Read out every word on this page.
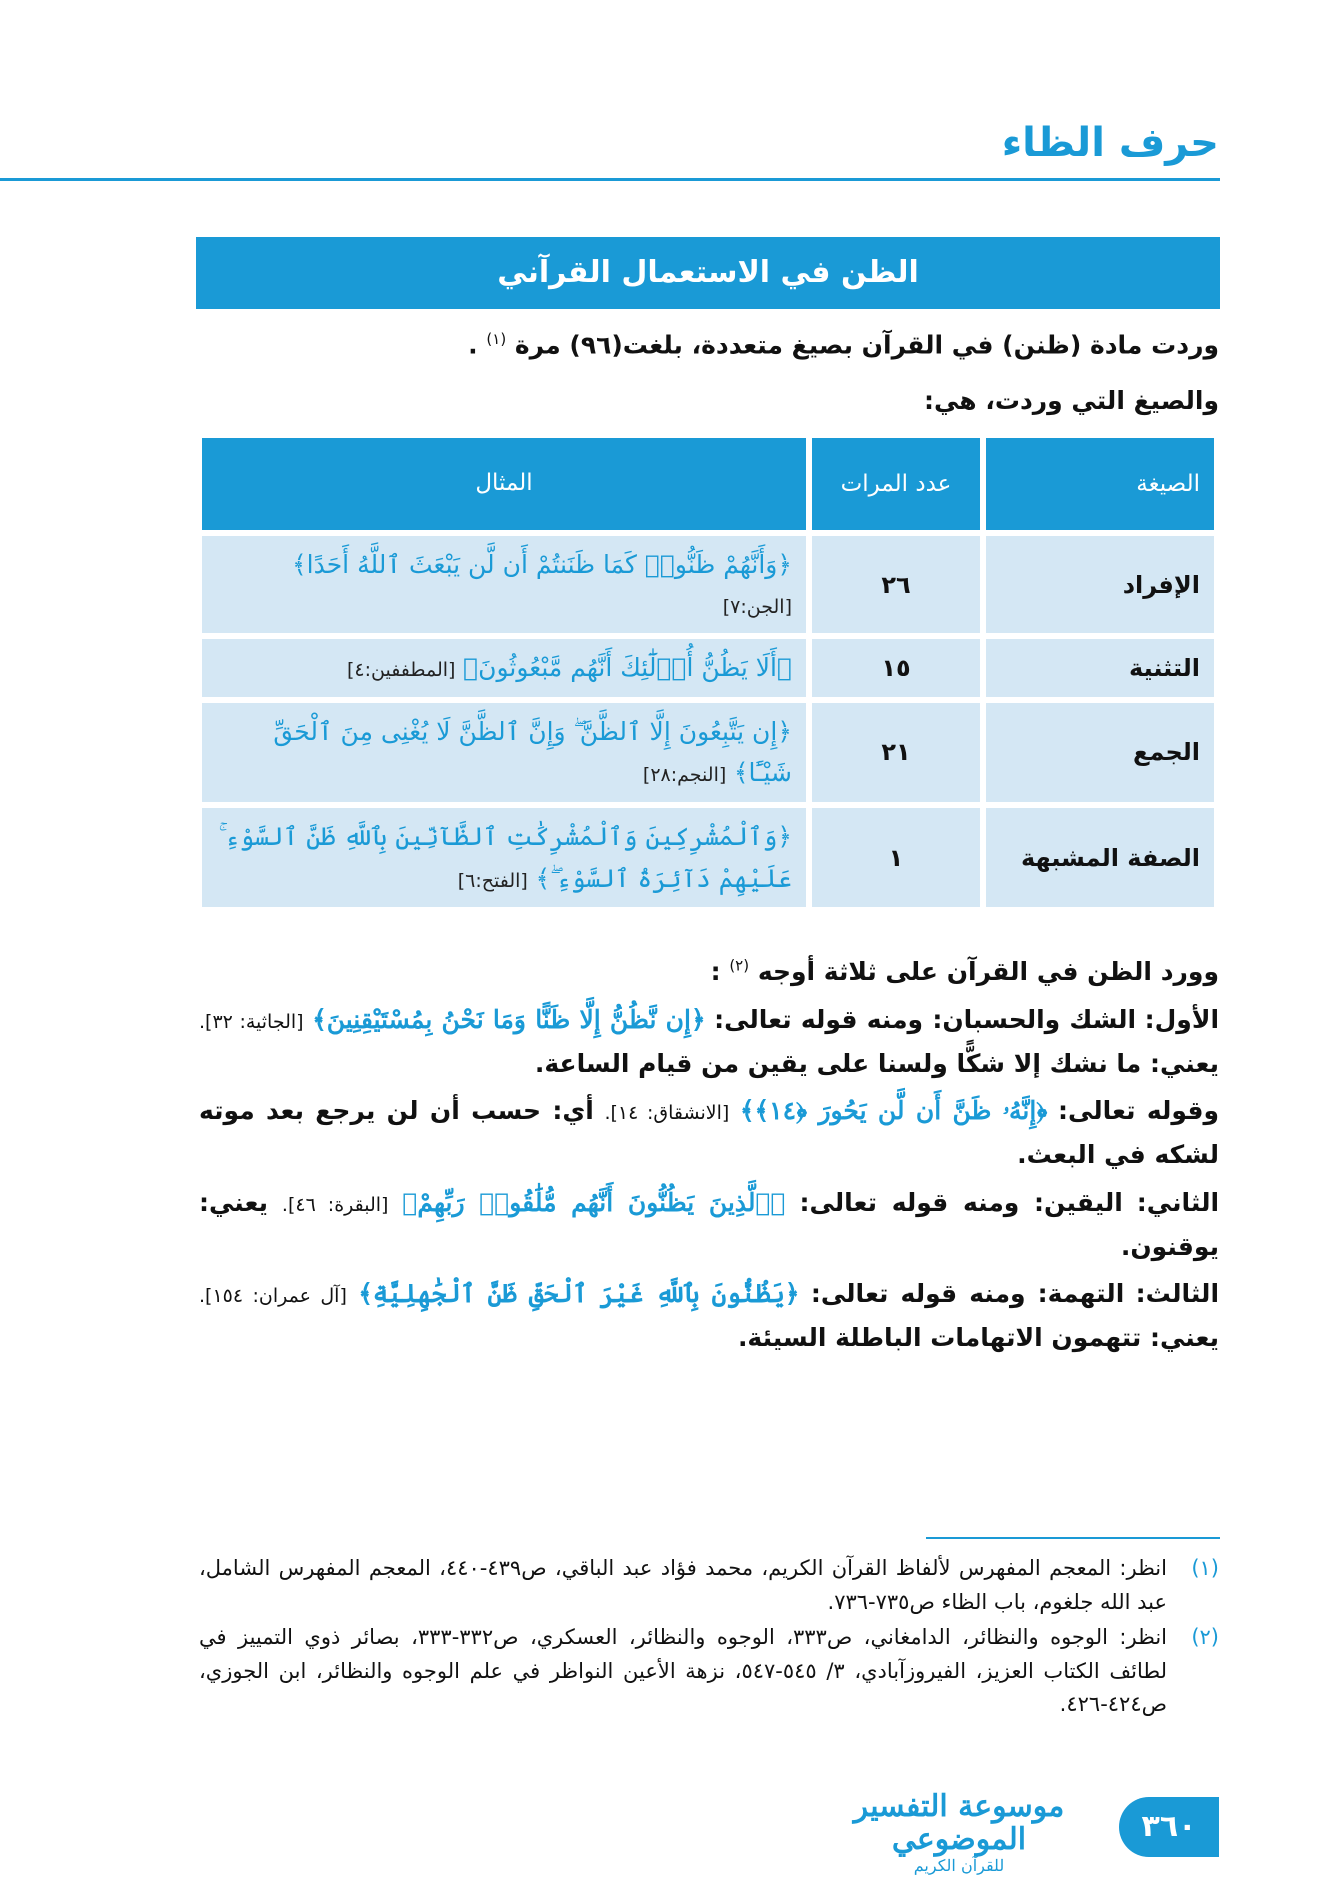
حرف الظاء
الظن في الاستعمال القرآني
وردت مادة (ظنن) في القرآن بصيغ متعددة، بلغت(٩٦) مرة $^{(١)}$ .
والصيغ التي وردت، هي:
الصيغة	عدد المرات	المثال
الإفراد	٢٦	﴿وَأَنَّهُمْ ظَنُّوا۟ كَمَا ظَنَنتُمْ أَن لَّن يَبْعَثَ ٱللَّهُ أَحَدًا﴾ [الجن:٧]
التثنية	١٥	﴿أَلَا يَظُنُّ أُو۟لَٰٓئِكَ أَنَّهُم مَّبْعُوثُونَ﴾ [المطففين:٤]
الجمع	٢١	﴿إِن يَتَّبِعُونَ إِلَّا ٱلظَّنَّ ۖ وَإِنَّ ٱلظَّنَّ لَا يُغْنِى مِنَ ٱلْحَقِّ شَيْـًٔا﴾ [النجم:٢٨]
الصفة المشبهة	١	﴿وَٱلْمُشْرِكِينَ وَٱلْمُشْرِكَٰتِ ٱلظَّآنِّينَ بِٱللَّهِ ظَنَّ ٱلسَّوْءِ ۚ عَلَيْهِمْ دَآئِرَةُ ٱلسَّوْءِ ۖ﴾ [الفتح:٦]

وورد الظن في القرآن على ثلاثة أوجه $^{(٢)}$ :

الأول: الشك والحسبان: ومنه قوله تعالى: ﴿إِن نَّظُنُّ إِلَّا ظَنًّا وَمَا نَحْنُ بِمُسْتَيْقِنِينَ﴾ [الجاثية: ٣٢]. يعني: ما نشك إلا شكًّا ولسنا على يقين من قيام الساعة.

وقوله تعالى: ﴿إِنَّهُۥ ظَنَّ أَن لَّن يَحُورَ ﴿١٤﴾﴾ [الانشقاق: ١٤]. أي: حسب أن لن يرجع بعد موته لشكه في البعث.

الثاني: اليقين: ومنه قوله تعالى: ﴿ٱلَّذِينَ يَظُنُّونَ أَنَّهُم مُّلَٰقُوا۟ رَبِّهِمْ﴾ [البقرة: ٤٦]. يعني: يوقنون.

الثالث: التهمة: ومنه قوله تعالى: ﴿يَظُنُّونَ بِٱللَّهِ غَيْرَ ٱلْحَقِّ ظَنَّ ٱلْجَٰهِلِيَّةِ﴾ [آل عمران: ١٥٤]. يعني: تتهمون الاتهامات الباطلة السيئة.

(١)
انظر: المعجم المفهرس لألفاظ القرآن الكريم، محمد فؤاد عبد الباقي، ص٤٣٩-٤٤٠، المعجم المفهرس الشامل، عبد الله جلغوم، باب الظاء ص٧٣٥-٧٣٦.
(٢)
انظر: الوجوه والنظائر، الدامغاني، ص٣٣٣، الوجوه والنظائر، العسكري، ص٣٣٢-٣٣٣، بصائر ذوي التمييز في لطائف الكتاب العزيز، الفيروزآبادي، ٣/ ٥٤٥-٥٤٧، نزهة الأعين النواظر في علم الوجوه والنظائر، ابن الجوزي، ص٤٢٤-٤٢٦.
٣٦٠
موسوعة التفسير الموضوعي
للقرآن الكريم
